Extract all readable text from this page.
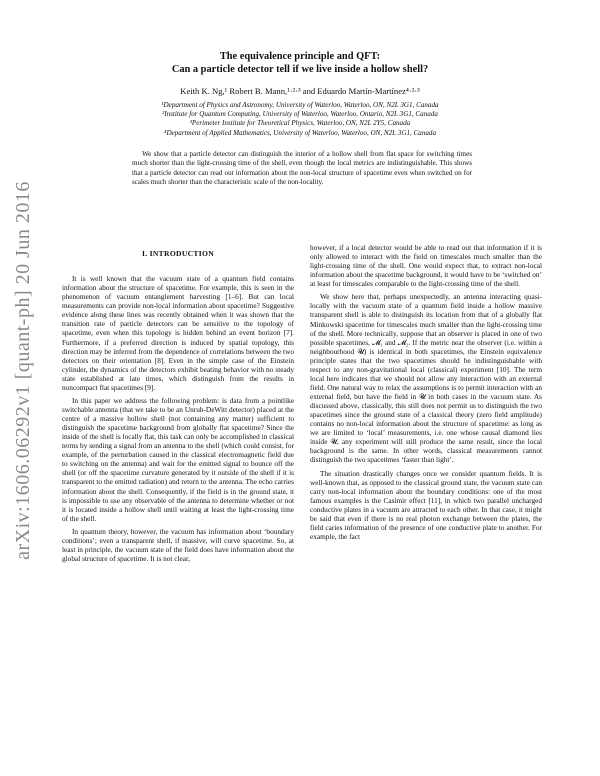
arXiv:1606.06292v1 [quant-ph] 20 Jun 2016
The equivalence principle and QFT:
Can a particle detector tell if we live inside a hollow shell?
Keith K. Ng,¹ Robert B. Mann,¹·²·³ and Eduardo Martín-Martínez⁴·²·³
¹Department of Physics and Astronomy, University of Waterloo, Waterloo, ON, N2L 3G1, Canada
²Institute for Quantum Computing, University of Waterloo, Waterloo, Ontario, N2L 3G1, Canada
³Perimeter Institute for Theoretical Physics, Waterloo, ON, N2L 2Y5, Canada
⁴Department of Applied Mathematics, University of Waterloo, Waterloo, ON, N2L 3G1, Canada

We show that a particle detector can distinguish the interior of a hollow shell from flat space for switching times much shorter than the light-crossing time of the shell, even though the local metrics are indistinguishable. This shows that a particle detector can read out information about the non-local structure of spacetime even when switched on for scales much shorter than the characteristic scale of the non-locality.

I. INTRODUCTION

It is well known that the vacuum state of a quantum field contains information about the structure of spacetime. For example, this is seen in the phenomenon of vacuum entanglement harvesting [1–6]. But can local measurements can provide non-local information about spacetime? Suggestive evidence along these lines was recently obtained when it was shown that the transition rate of particle detectors can be sensitive to the topology of spacetime, even when this topology is hidden behind an event horizon [7]. Furthermore, if a preferred direction is induced by spatial topology, this direction may be inferred from the dependence of correlations between the two detectors on their orientation [8]. Even in the simple case of the Einstein cylinder, the dynamics of the detectors exhibit beating behavior with no steady state established at late times, which distinguish from the results in noncompact flat spacetimes [9].

In this paper we address the following problem: is data from a pointlike switchable antenna (that we take to be an Unruh-DeWitt detector) placed at the centre of a massive hollow shell (not containing any matter) sufficient to distinguish the spacetime background from globally flat spacetime? Since the inside of the shell is locally flat, this task can only be accomplished in classical terms by sending a signal from an antenna to the shell (which could consist, for example, of the perturbation caused in the classical electromagnetic field due to switching on the antenna) and wait for the emitted signal to bounce off the shell (or off the spacetime curvature generated by it outside of the shell if it is transparent to the emitted radiation) and return to the antenna. The echo carries information about the shell. Consequently, if the field is in the ground state, it is impossible to use any observable of the antenna to determine whether or not it is located inside a hollow shell until waiting at least the light-crossing time of the shell.

In quantum theory, however, the vacuum has information about ‘boundary conditions’; even a transparent shell, if massive, will curve spacetime. So, at least in principle, the vacuum state of the field does have information about the global structure of spacetime. It is not clear,

however, if a local detector would be able to read out that information if it is only allowed to interact with the field on timescales much smaller than the light-crossing time of the shell. One would expect that, to extract non-local information about the spacetime background, it would have to be ‘switched on’ at least for timescales comparable to the light-crossing time of the shell.

We show here that, perhaps unexpectedly, an antenna interacting quasi-locally with the vacuum state of a quantum field inside a hollow massive transparent shell is able to distinguish its location from that of a globally flat Minkowski spacetime for timescales much smaller than the light-crossing time of the shell. More technically, suppose that an observer is placed in one of two possible spacetimes, 𝓜₁ and 𝓜₂. If the metric near the observer (i.e. within a neighbourhood 𝓤) is identical in both spacetimes, the Einstein equivalence principle states that the two spacetimes should be indistinguishable with respect to any non-gravitational local (classical) experiment [10]. The term local here indicates that we should not allow any interaction with an external field. One natural way to relax the assumptions is to permit interaction with an external field, but have the field in 𝓤 in both cases in the vacuum state. As discussed above, classically, this still does not permit us to distinguish the two spacetimes since the ground state of a classical theory (zero field amplitude) contains no non-local information about the structure of spacetime: as long as we are limited to ‘local’ measurements, i.e. one whose causal diamond lies inside 𝓤, any experiment will still produce the same result, since the local background is the same. In other words, classical measurements cannot distinguish the two spacetimes ‘faster than light’.

The situation drastically changes once we consider quantum fields. It is well-known that, as opposed to the classical ground state, the vacuum state can carry non-local information about the boundary conditions: one of the most famous examples is the Casimir effect [11], in which two parallel uncharged conductive plates in a vacuum are attracted to each other. In that case, it might be said that even if there is no real photon exchange between the plates, the field caries information of the presence of one conductive plate to another. For example, the fact
